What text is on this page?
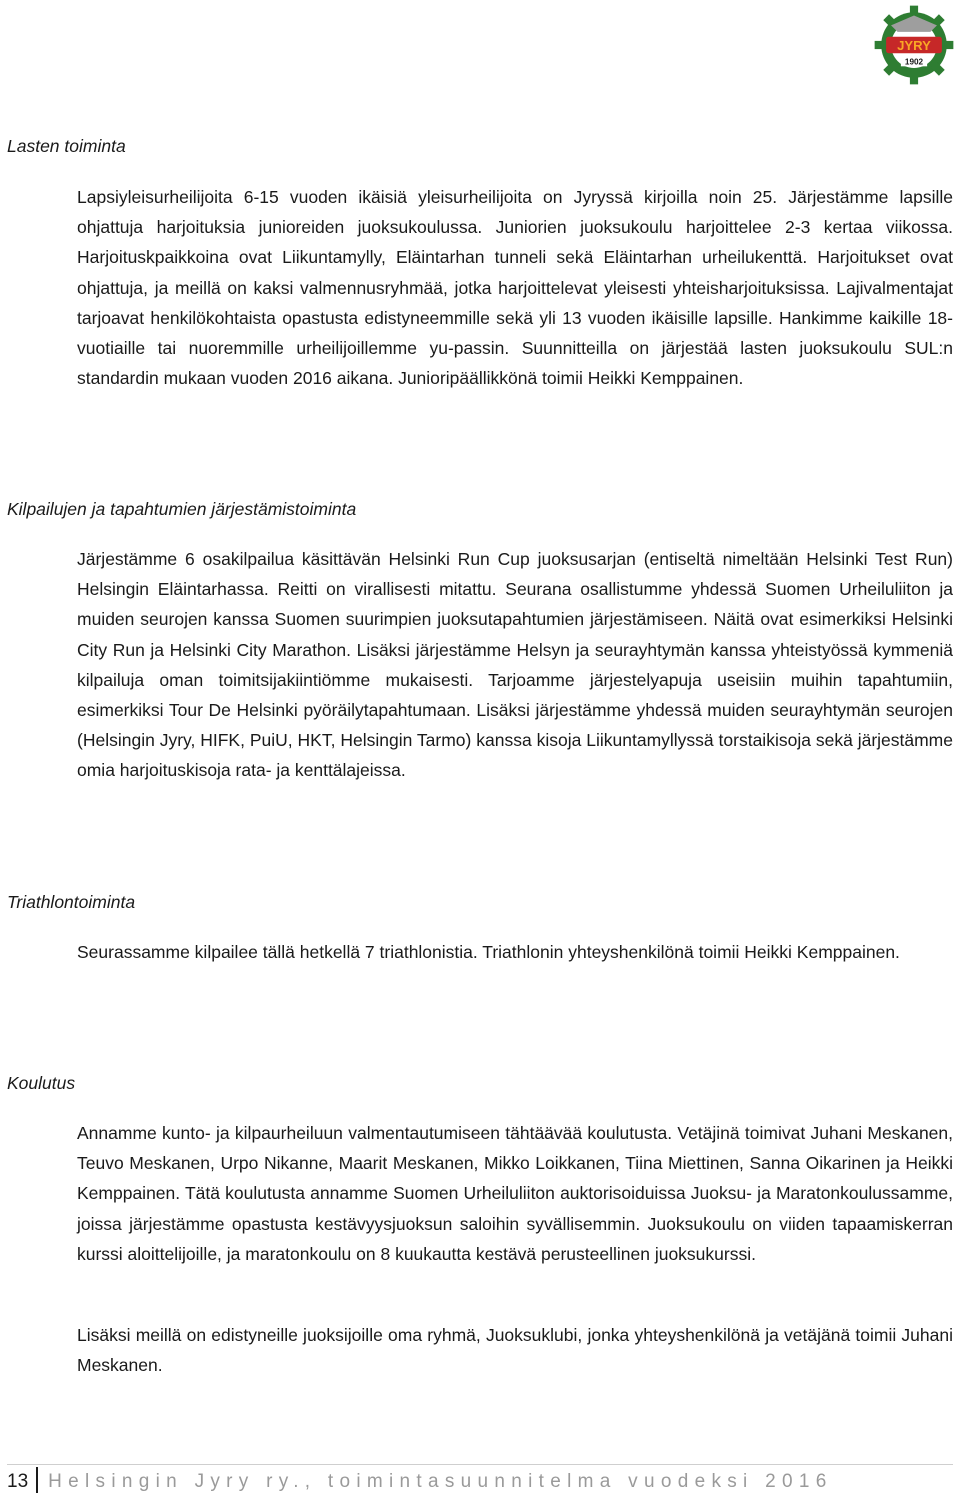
JYRY
1902
Lasten toiminta

Lapsiyleisurheilijoita 6-15 vuoden ikäisiä yleisurheilijoita on Jyryssä kirjoilla noin 25. Järjestämme lapsille ohjattuja harjoituksia junioreiden juoksukoulussa. Juniorien juoksukoulu harjoittelee 2-3 kertaa viikossa. Harjoituskpaikkoina ovat Liikuntamylly, Eläintarhan tunneli sekä Eläintarhan urheilukenttä. Harjoitukset ovat ohjattuja, ja meillä on kaksi valmennusryhmää, jotka harjoittelevat yleisesti yhteisharjoituksissa. Lajivalmentajat tarjoavat henkilökohtaista opastusta edistyneemmille sekä yli 13 vuoden ikäisille lapsille. Hankimme kaikille 18-vuotiaille tai nuoremmille urheilijoillemme yu-passin. Suunnitteilla on järjestää lasten juoksukoulu SUL:n standardin mukaan vuoden 2016 aikana. Junioripäällikkönä toimii Heikki Kemppainen.

Kilpailujen ja tapahtumien järjestämistoiminta

Järjestämme 6 osakilpailua käsittävän Helsinki Run Cup juoksusarjan (entiseltä nimeltään Helsinki Test Run) Helsingin Eläintarhassa. Reitti on virallisesti mitattu. Seurana osallistumme yhdessä Suomen Urheiluliiton ja muiden seurojen kanssa Suomen suurimpien juoksutapahtumien järjestämiseen. Näitä ovat esimerkiksi Helsinki City Run ja Helsinki City Marathon. Lisäksi järjestämme Helsyn ja seurayhtymän kanssa yhteistyössä kymmeniä kilpailuja oman toimitsijakiintiömme mukaisesti. Tarjoamme järjestelyapuja useisiin muihin tapahtumiin, esimerkiksi Tour De Helsinki pyöräilytapahtumaan. Lisäksi järjestämme yhdessä muiden seurayhtymän seurojen (Helsingin Jyry, HIFK, PuiU, HKT, Helsingin Tarmo) kanssa kisoja Liikuntamyllyssä torstaikisoja sekä järjestämme omia harjoituskisoja rata- ja kenttälajeissa.

Triathlontoiminta

Seurassamme kilpailee tällä hetkellä 7 triathlonistia. Triathlonin yhteyshenkilönä toimii Heikki Kemppainen.

Koulutus

Annamme kunto- ja kilpaurheiluun valmentautumiseen tähtäävää koulutusta. Vetäjinä toimivat Juhani Meskanen, Teuvo Meskanen, Urpo Nikanne, Maarit Meskanen, Mikko Loikkanen, Tiina Miettinen, Sanna Oikarinen ja Heikki Kemppainen. Tätä koulutusta annamme Suomen Urheiluliiton auktorisoiduissa Juoksu- ja Maratonkoulussamme, joissa järjestämme opastusta kestävyysjuoksun saloihin syvällisemmin. Juoksukoulu on viiden tapaamiskerran kurssi aloittelijoille, ja maratonkoulu on 8 kuukautta kestävä perusteellinen juoksukurssi.

Lisäksi meillä on edistyneille juoksijoille oma ryhmä, Juoksuklubi, jonka yhteyshenkilönä ja vetäjänä toimii Juhani Meskanen.

13 Helsingin Jyry ry., toimintasuunnitelma vuodeksi 2016
